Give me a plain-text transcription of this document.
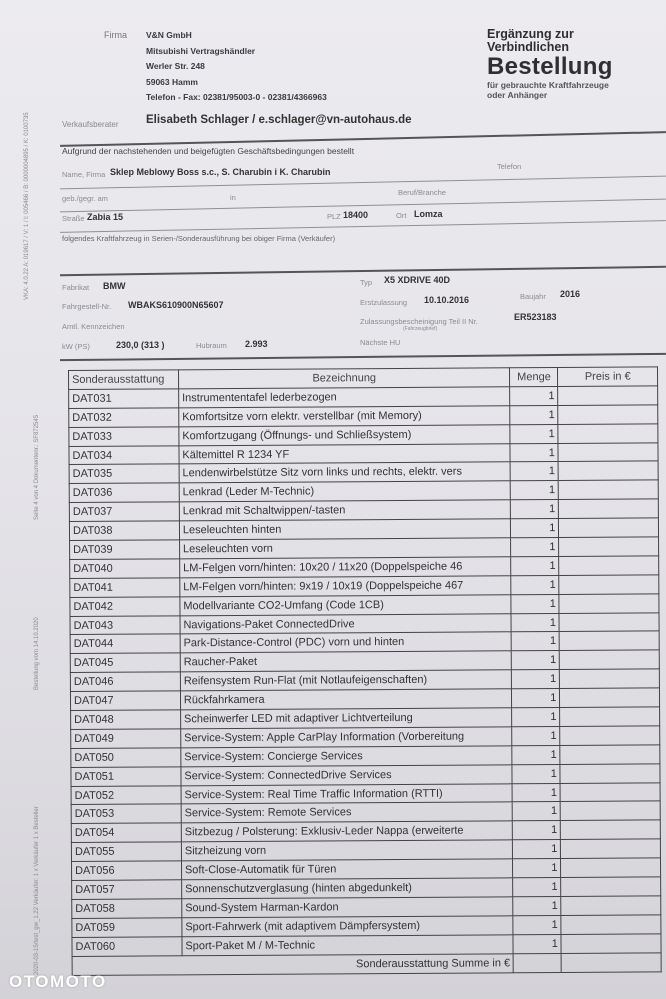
VKA: 4.0.22 A: 019617 / V: 1 / I: 005466 / B: 0000004895 / K: 0100735
Seite 4 von 4 Dokumentenr.: SF872545
Bestellung vom 14.10.2020
2020-03-15/test_gw_1.22 Verkäufer: 1 x Verkäufer 1 x Besteller
Firma V&N GmbH
Mitsubishi Vertragshändler
Werler Str. 248
59063 Hamm
Telefon - Fax: 02381/95003-0 - 02381/4366963
Verkaufsberater Elisabeth Schlager / e.schlager@vn-autohaus.de
Ergänzung zur
Verbindlichen
Bestellung
für gebrauchte Kraftfahrzeuge
oder Anhänger
Aufgrund der nachstehenden und beigefügten Geschäftsbedingungen bestellt
Name, Firma Sklep Meblowy Boss s.c., S. Charubin i K. Charubin
Telefon
geb./gegr. am	in
Beruf/Branche
Straße Zabia 15	PLZ 18400	Ort Lomza
folgendes Kraftfahrzeug in Serien-/Sonderausführung bei obiger Firma (Verkäufer)
Fabrikat BMW	Typ X5 XDRIVE 40D
Fahrgestell-Nr. WBAKS610900N65607	Erstzulassung 10.10.2016	Baujahr 2016
Amtl. Kennzeichen
Zulassungsbescheinigung Teil II Nr.
(Fahrzeugbrief)
ER523183
kW (PS)	230,0 (313 )	Hubraum 2.993	Nächste HU
Sonderausstattung	Bezeichnung	Menge	Preis in €
DAT031	Instrumententafel lederbezogen	1	
DAT032	Komfortsitze vorn elektr. verstellbar (mit Memory)	1	
DAT033	Komfortzugang (Öffnungs- und Schließsystem)	1	
DAT034	Kältemittel R 1234 YF	1	
DAT035	Lendenwirbelstütze Sitz vorn links und rechts, elektr. vers	1	
DAT036	Lenkrad (Leder M-Technic)	1	
DAT037	Lenkrad mit Schaltwippen/-tasten	1	
DAT038	Leseleuchten hinten	1	
DAT039	Leseleuchten vorn	1	
DAT040	LM-Felgen vorn/hinten: 10x20 / 11x20 (Doppelspeiche 46	1	
DAT041	LM-Felgen vorn/hinten: 9x19 / 10x19 (Doppelspeiche 467	1	
DAT042	Modellvariante CO2-Umfang (Code 1CB)	1	
DAT043	Navigations-Paket ConnectedDrive	1	
DAT044	Park-Distance-Control (PDC) vorn und hinten	1	
DAT045	Raucher-Paket	1	
DAT046	Reifensystem Run-Flat (mit Notlaufeigenschaften)	1	
DAT047	Rückfahrkamera	1	
DAT048	Scheinwerfer LED mit adaptiver Lichtverteilung	1	
DAT049	Service-System: Apple CarPlay Information (Vorbereitung	1	
DAT050	Service-System: Concierge Services	1	
DAT051	Service-System: ConnectedDrive Services	1	
DAT052	Service-System: Real Time Traffic Information (RTTI)	1	
DAT053	Service-System: Remote Services	1	
DAT054	Sitzbezug / Polsterung: Exklusiv-Leder Nappa (erweiterte	1	
DAT055	Sitzheizung vorn	1	
DAT056	Soft-Close-Automatik für Türen	1	
DAT057	Sonnenschutzverglasung (hinten abgedunkelt)	1	
DAT058	Sound-System Harman-Kardon	1	
DAT059	Sport-Fahrwerk (mit adaptivem Dämpfersystem)	1	
DAT060	Sport-Paket M / M-Technic	1	
Sonderausstattung Summe in €			
OTOMOTO
